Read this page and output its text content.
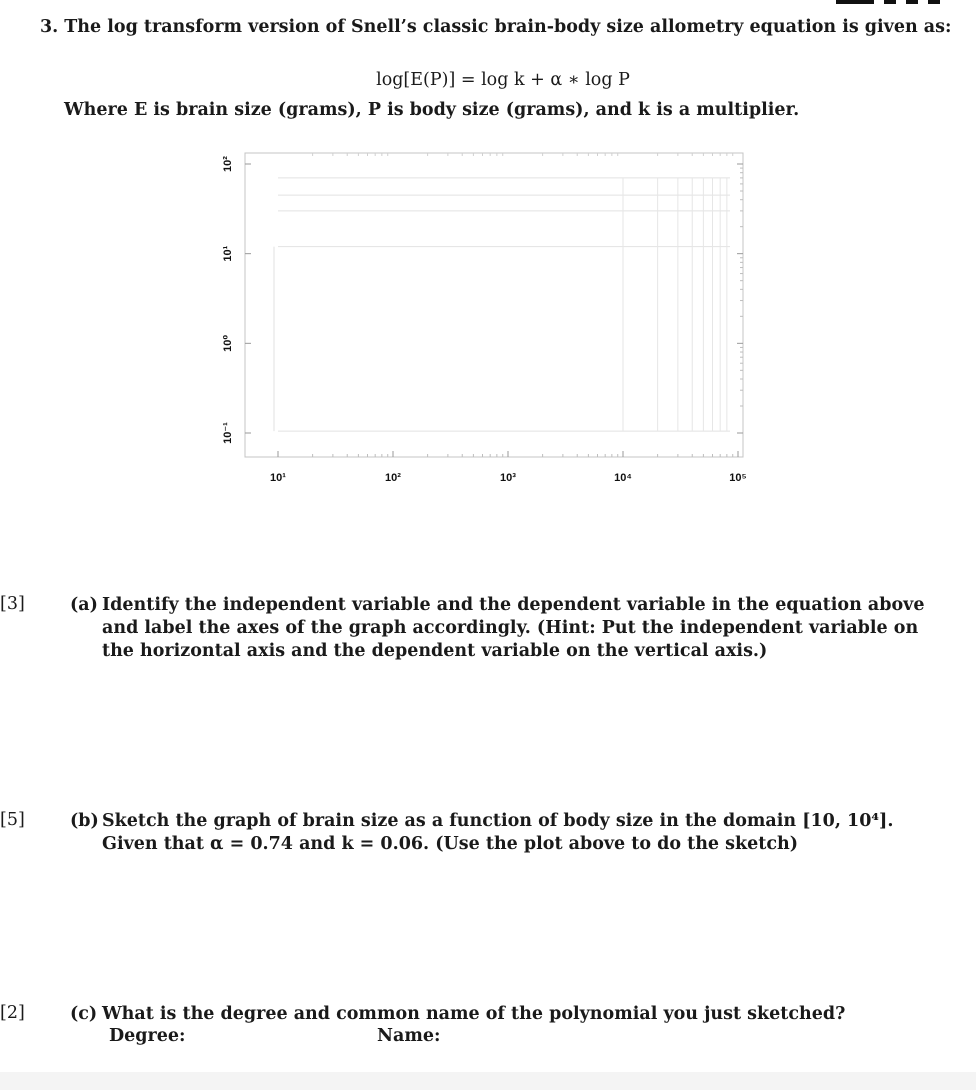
3. The log transform version of Snell’s classic brain-body size allometry equation is given as:
log[E(P)] = log k + α ∗ log P
Where E is brain size (grams), P is body size (grams), and k is a multiplier.
10¹	10²	10³	10⁴	10⁵
10⁻¹
10⁰
10¹
10²
[3]	(a) Identify the independent variable and the dependent variable in the equation above and label the axes of the graph accordingly. (Hint: Put the independent variable on the horizontal axis and the dependent variable on the vertical axis.)
[5]	(b) Sketch the graph of brain size as a function of body size in the domain [10, 10⁴]. Given that α = 0.74 and k = 0.06. (Use the plot above to do the sketch)
[2]	(c) What is the degree and common name of the polynomial you just sketched?
Degree:	Name:
